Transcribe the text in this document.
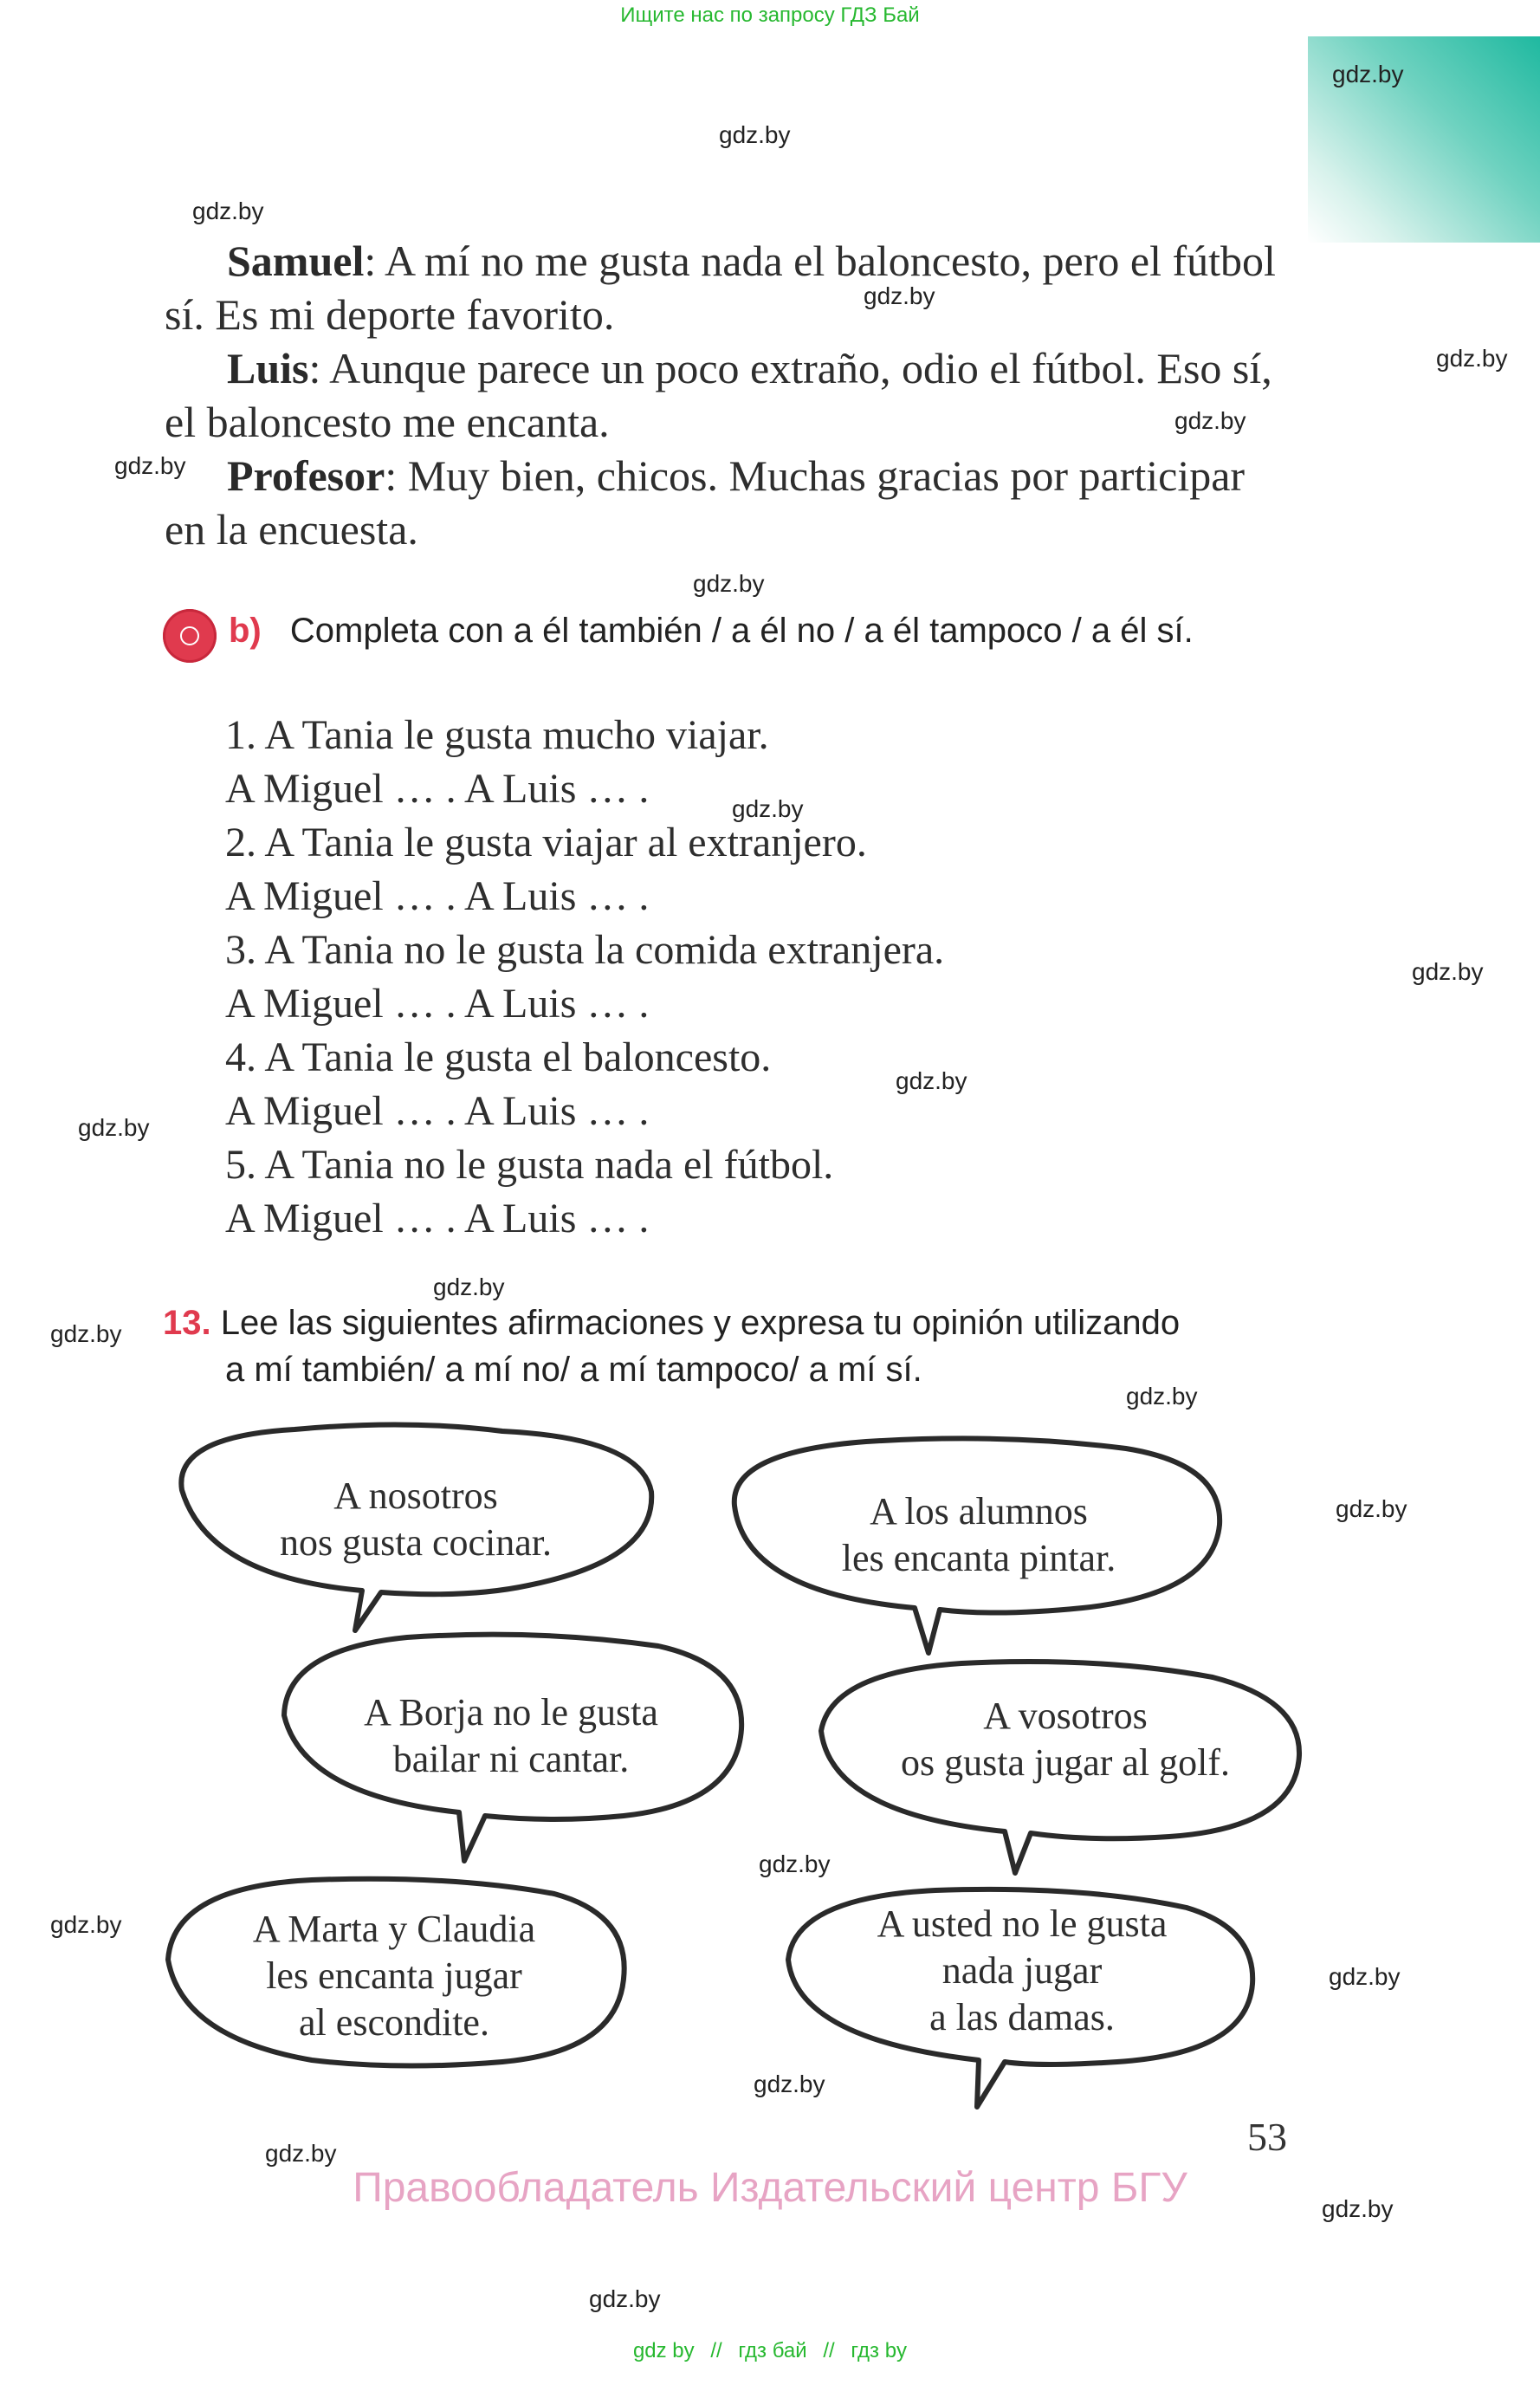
Ищите нас по запросу ГДЗ Бай
gdz.by
gdz.by
gdz.by
gdz.by
gdz.by
gdz.by
gdz.by
gdz.by
gdz.by
gdz.by
gdz.by
gdz.by
gdz.by
gdz.by
gdz.by
gdz.by
gdz.by
gdz.by
gdz.by
gdz.by
gdz.by
gdz.by
gdz.by
Samuel: A mí no me gusta nada el baloncesto, pero el fútbol
sí. Es mi deporte favorito.
Luis: Aunque parece un poco extraño, odio el fútbol. Eso sí,
el baloncesto me encanta.
Profesor: Muy bien, chicos. Muchas gracias por participar
en la encuesta.
b) Completa con a él también / a él no / a él tampoco / a él sí.
1. A Tania le gusta mucho viajar.
A Miguel … . A Luis … .
2. A Tania le gusta viajar al extranjero.
A Miguel … . A Luis … .
3. A Tania no le gusta la comida extranjera.
A Miguel … . A Luis … .
4. A Tania le gusta el baloncesto.
A Miguel … . A Luis … .
5. A Tania no le gusta nada el fútbol.
A Miguel … . A Luis … .
13. Lee las siguientes afirmaciones y expresa tu opinión utilizando
a mí también/ a mí no/ a mí tampoco/ a mí sí.
A nosotros
nos gusta cocinar.
A los alumnos
les encanta pintar.
A Borja no le gusta
bailar ni cantar.
A vosotros
os gusta jugar al golf.
A Marta y Claudia
les encanta jugar
al escondite.
A usted no le gusta
nada jugar
a las damas.
53
Правообладатель Издательский центр БГУ
gdz by // гдз бай // гдз by
